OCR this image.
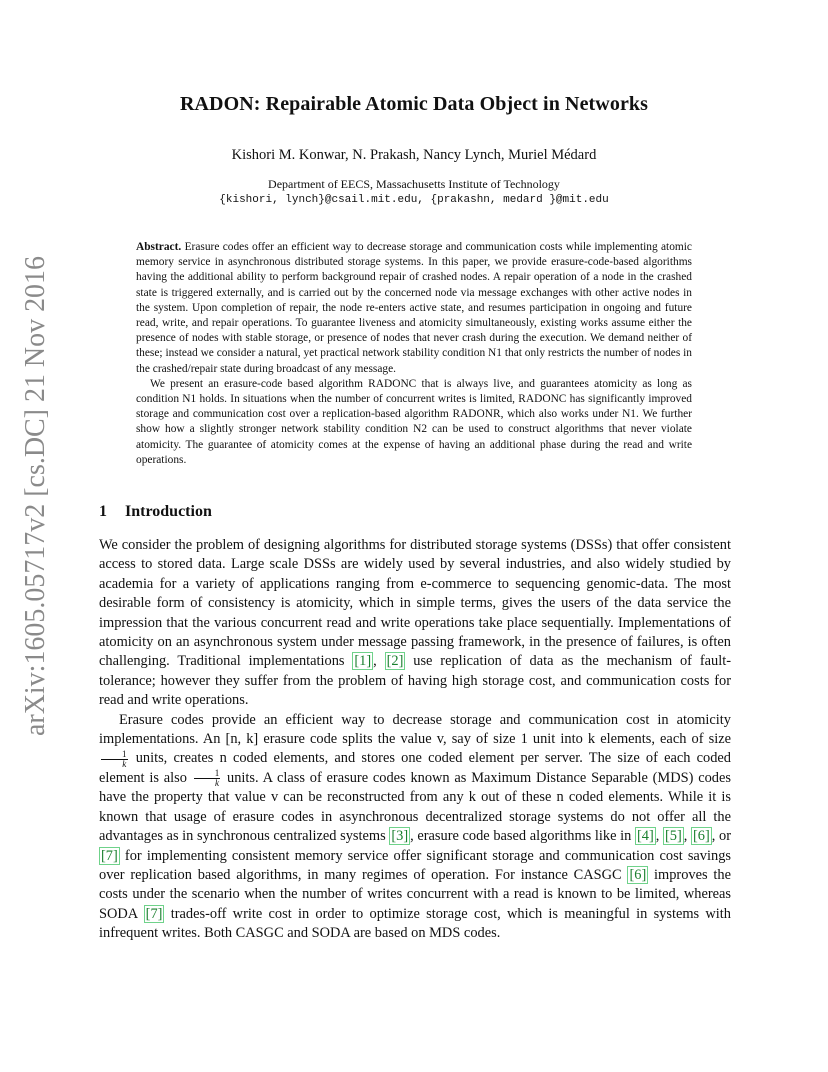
arXiv:1605.05717v2 [cs.DC] 21 Nov 2016
RADON: Repairable Atomic Data Object in Networks
Kishori M. Konwar, N. Prakash, Nancy Lynch, Muriel Médard
Department of EECS, Massachusetts Institute of Technology
{kishori, lynch}@csail.mit.edu, {prakashn, medard }@mit.edu

Abstract. Erasure codes offer an efficient way to decrease storage and communication costs while implementing atomic memory service in asynchronous distributed storage systems. In this paper, we provide erasure-code-based algorithms having the additional ability to perform background repair of crashed nodes. A repair operation of a node in the crashed state is triggered externally, and is carried out by the concerned node via message exchanges with other active nodes in the system. Upon completion of repair, the node re-enters active state, and resumes participation in ongoing and future read, write, and repair operations. To guarantee liveness and atomicity simultaneously, existing works assume either the presence of nodes with stable storage, or presence of nodes that never crash during the execution. We demand neither of these; instead we consider a natural, yet practical network stability condition N1 that only restricts the number of nodes in the crashed/repair state during broadcast of any message.

We present an erasure-code based algorithm RADONC that is always live, and guarantees atomicity as long as condition N1 holds. In situations when the number of concurrent writes is limited, RADONC has significantly improved storage and communication cost over a replication-based algorithm RADONR, which also works under N1. We further show how a slightly stronger network stability condition N2 can be used to construct algorithms that never violate atomicity. The guarantee of atomicity comes at the expense of having an additional phase during the read and write operations.

1 Introduction

We consider the problem of designing algorithms for distributed storage systems (DSSs) that offer consistent access to stored data. Large scale DSSs are widely used by several industries, and also widely studied by academia for a variety of applications ranging from e-commerce to sequencing genomic-data. The most desirable form of consistency is atomicity, which in simple terms, gives the users of the data service the impression that the various concurrent read and write operations take place sequentially. Implementations of atomicity on an asynchronous system under message passing framework, in the presence of failures, is often challenging. Traditional implementations [1] , [2] use replication of data as the mechanism of fault-tolerance; however they suffer from the problem of having high storage cost, and communication costs for read and write operations.

Erasure codes provide an efficient way to decrease storage and communication cost in atomicity implementations. An [n, k] erasure code splits the value v, say of size 1 unit into k elements, each of size
$\frac{1}{k}$ units, creates n coded elements, and stores one coded element per server. The size of each coded element is also $\frac{1}{k}$ units. A class of erasure codes known as Maximum Distance Separable (MDS) codes have the property that value v can be reconstructed from any k out of these n coded elements. While it is known that usage of erasure codes in asynchronous decentralized storage systems do not offer all the advantages as in synchronous centralized systems [3] , erasure code based algorithms like in [4] , [5] , [6] , or [7] for implementing consistent memory service offer significant storage and communication cost savings over replication based algorithms, in many regimes of operation. For instance CASGC [6] improves the costs under the scenario when the number of writes concurrent with a read is known to be limited, whereas SODA [7] trades-off write cost in order to optimize storage cost, which is meaningful in systems with infrequent writes. Both CASGC and SODA are based on MDS codes.
